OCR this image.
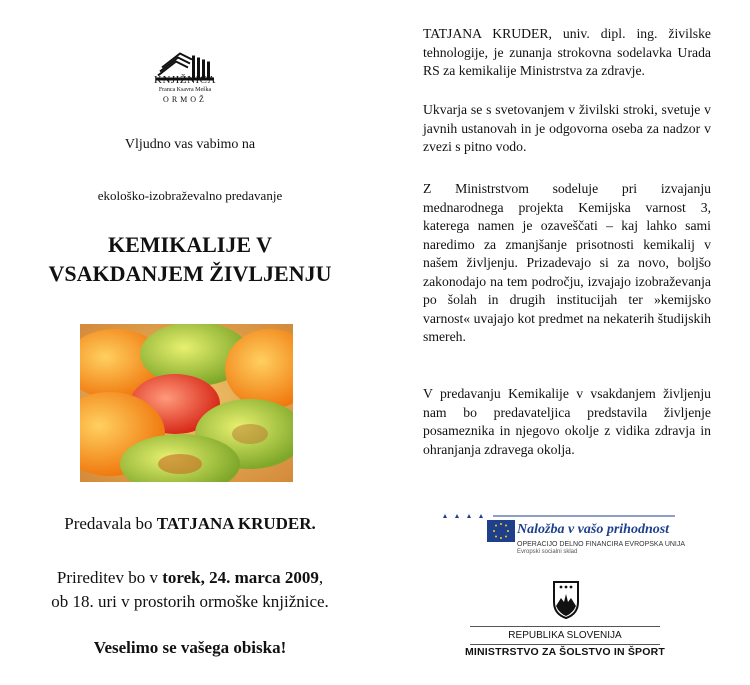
KNJIŽNICA
Franca Ksavra Meška
ORMOŽ
Vljudno vas vabimo na
ekološko-izobraževalno predavanje
KEMIKALIJE V
VSAKDANJEM ŽIVLJENJU
Predavala bo TATJANA KRUDER.
Prireditev bo v torek, 24. marca 2009,
ob 18. uri v prostorih ormoške knjižnice.
Veselimo se vašega obiska!
TATJANA KRUDER, univ. dipl. ing. živilske tehnologije, je zunanja strokovna sodelavka Urada RS za kemikalije Ministrstva za zdravje.
Ukvarja se s svetovanjem v živilski stroki, svetuje v javnih ustanovah in je odgovorna oseba za nadzor v zvezi s pitno vodo.
Z Ministrstvom sodeluje pri izvajanju mednarodnega projekta Kemijska varnost 3, katerega namen je ozaveščati – kaj lahko sami naredimo za zmanjšanje prisotnosti kemikalij v našem življenju. Prizadevajo si za novo, boljšo zakonodajo na tem področju, izvajajo izobraževanja po šolah in drugih institucijah ter »kemijsko varnost« uvajajo kot predmet na nekaterih študijskih smereh.
V predavanju Kemikalije v vsakdanjem življenju nam bo predavateljica predstavila življenje posameznika in njegovo okolje z vidika zdravja in ohranjanja zdravega okolja.
Naložba v vašo prihodnost
OPERACIJO DELNO FINANCIRA EVROPSKA UNIJA
Evropski socialni sklad
REPUBLIKA SLOVENIJA
MINISTRSTVO ZA ŠOLSTVO IN ŠPORT
